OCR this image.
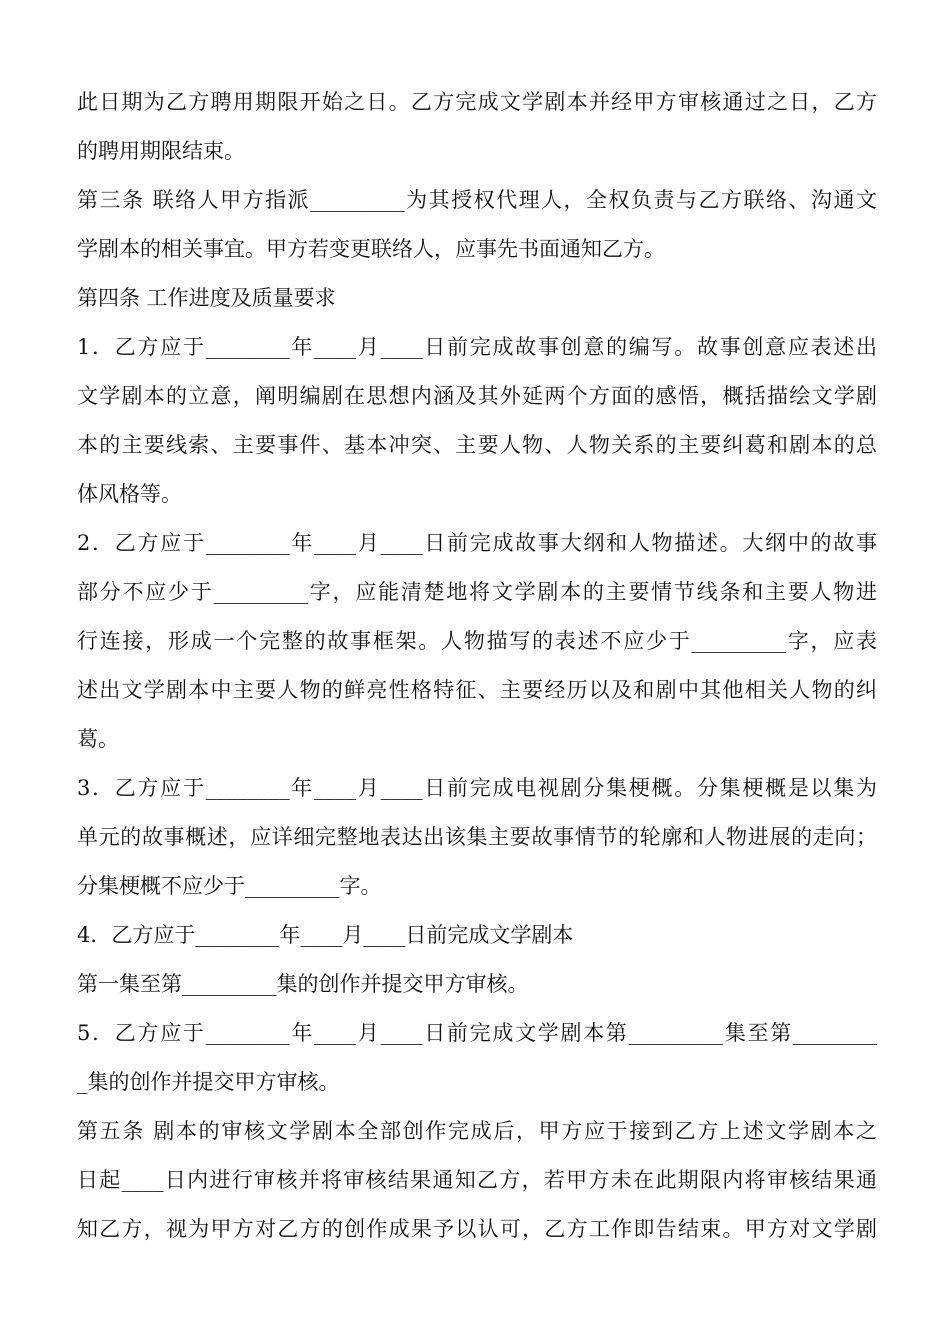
此日期为乙方聘用期限开始之日。乙方完成文学剧本并经甲方审核通过之日，乙方
的聘用期限结束。
第三条 联络人甲方指派_________为其授权代理人，全权负责与乙方联络、沟通文
学剧本的相关事宜。甲方若变更联络人，应事先书面通知乙方。
第四条 工作进度及质量要求
1．乙方应于________年____月____日前完成故事创意的编写。故事创意应表述出
文学剧本的立意，阐明编剧在思想内涵及其外延两个方面的感悟，概括描绘文学剧
本的主要线索、主要事件、基本冲突、主要人物、人物关系的主要纠葛和剧本的总
体风格等。
2．乙方应于________年____月____日前完成故事大纲和人物描述。大纲中的故事
部分不应少于_________字，应能清楚地将文学剧本的主要情节线条和主要人物进
行连接，形成一个完整的故事框架。人物描写的表述不应少于_________字，应表
述出文学剧本中主要人物的鲜亮性格特征、主要经历以及和剧中其他相关人物的纠
葛。
3．乙方应于________年____月____日前完成电视剧分集梗概。分集梗概是以集为
单元的故事概述，应详细完整地表达出该集主要故事情节的轮廓和人物进展的走向；
分集梗概不应少于_________字。
4．乙方应于________年____月____日前完成文学剧本
第一集至第_________集的创作并提交甲方审核。
5．乙方应于________年____月____日前完成文学剧本第_________集至第________
_集的创作并提交甲方审核。
第五条 剧本的审核文学剧本全部创作完成后，甲方应于接到乙方上述文学剧本之
日起____日内进行审核并将审核结果通知乙方，若甲方未在此期限内将审核结果通
知乙方，视为甲方对乙方的创作成果予以认可，乙方工作即告结束。甲方对文学剧
